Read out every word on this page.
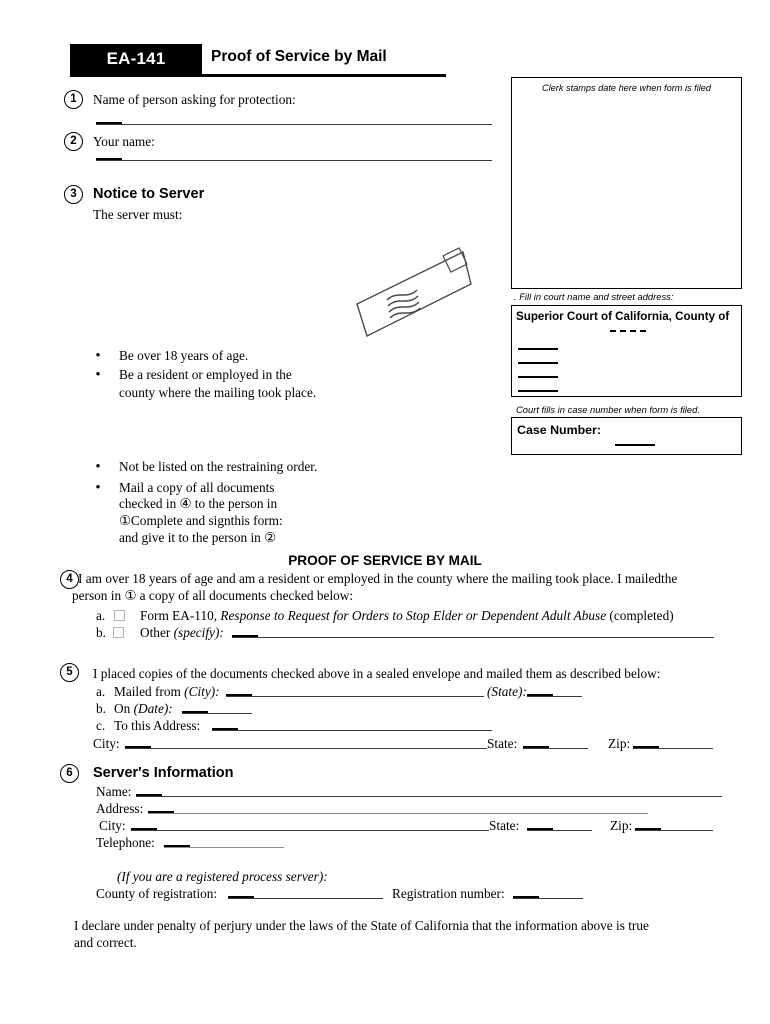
EA-141	Proof of Service by Mail
1	Name of person asking for protection:
2	Your name:
3	Notice to Server
The server must:
• Be over 18 years of age.
• Be a resident or employed in the
county where the mailing took place.
• Not be listed on the restraining order.
• Mail a copy of all documents
checked in ④ to the person in
①Complete and signthis form:
and give it to the person in ②
Clerk stamps date here when form is filed
. Fill in court name and street address:
Superior Court of California, County of
Court fills in case number when form is filed.
Case Number:
PROOF OF SERVICE BY MAIL
4 I am over 18 years of age and am a resident or employed in the county where the mailing took place. I mailedthe
person in ① a copy of all documents checked below:
a.	Form EA-110, Response to Request for Orders to Stop Elder or Dependent Adult Abuse (completed)
b.	Other (specify):
5	I placed copies of the documents checked above in a sealed envelope and mailed them as described below:
a. Mailed from (City):	(State):
b. On (Date):
c. To this Address:
City:	State:	Zip:
6	Server's Information
Name:
Address:
City:	State:	Zip:
Telephone:
(If you are a registered process server):
County of registration:	Registration number:
I declare under penalty of perjury under the laws of the State of California that the information above is true
and correct.
